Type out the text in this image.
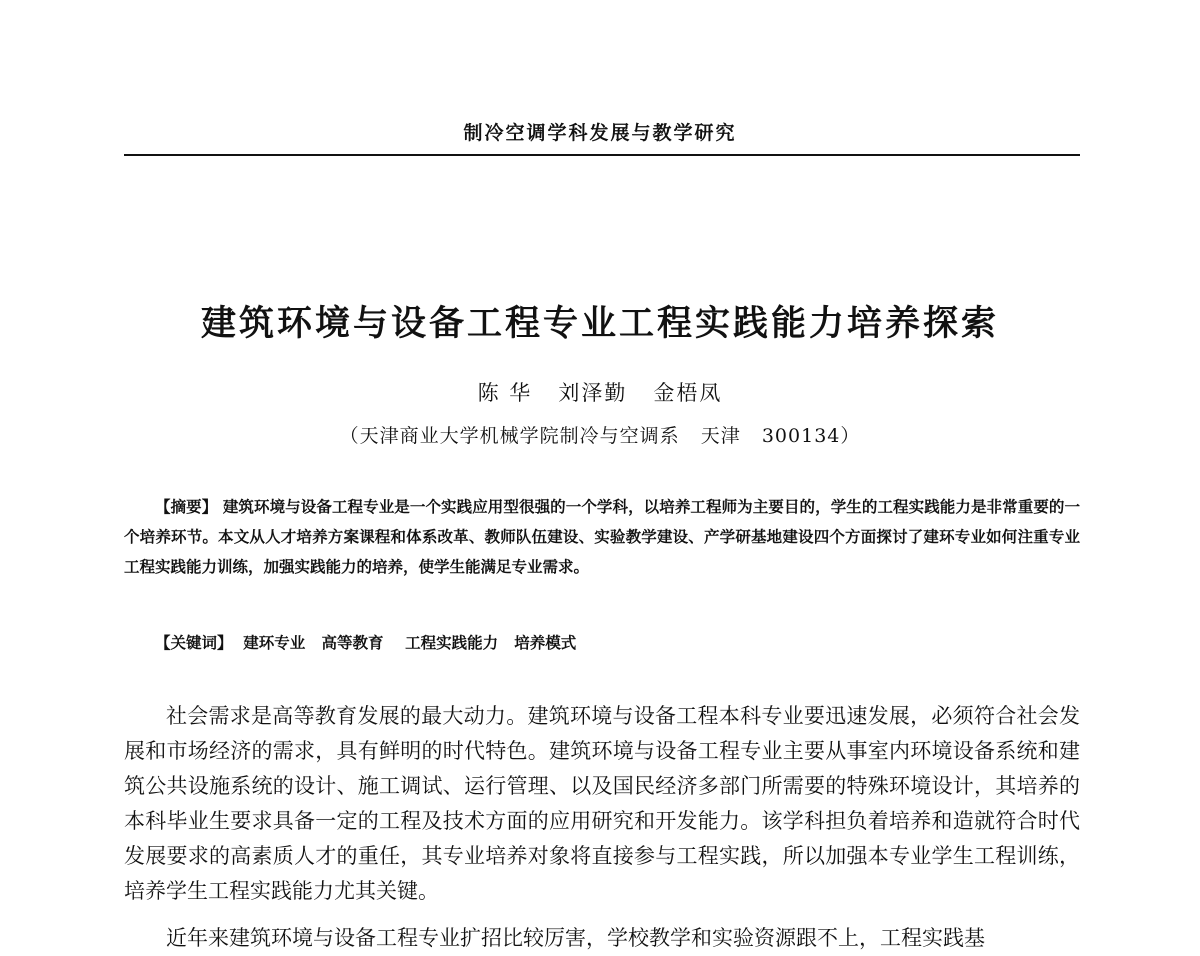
制冷空调学科发展与教学研究
建筑环境与设备工程专业工程实践能力培养探索
陈 华   刘泽勤   金梧凤
（天津商业大学机械学院制冷与空调系   天津   300134）
【摘要】 建筑环境与设备工程专业是一个实践应用型很强的一个学科，以培养工程师为主要目的，学生的工程实践能力是非常重要的一个培养环节。本文从人才培养方案课程和体系改革、教师队伍建设、实验教学建设、产学研基地建设四个方面探讨了建环专业如何注重专业工程实践能力训练，加强实践能力的培养，使学生能满足专业需求。
【关键词】  建环专业   高等教育    工程实践能力   培养模式

社会需求是高等教育发展的最大动力。建筑环境与设备工程本科专业要迅速发展，必须符合社会发展和市场经济的需求，具有鲜明的时代特色。建筑环境与设备工程专业主要从事室内环境设备系统和建筑公共设施系统的设计、施工调试、运行管理、以及国民经济多部门所需要的特殊环境设计，其培养的本科毕业生要求具备一定的工程及技术方面的应用研究和开发能力。该学科担负着培养和造就符合时代发展要求的高素质人才的重任，其专业培养对象将直接参与工程实践，所以加强本专业学生工程训练，培养学生工程实践能力尤其关键。

近年来建筑环境与设备工程专业扩招比较厉害，学校教学和实验资源跟不上，工程实践基
